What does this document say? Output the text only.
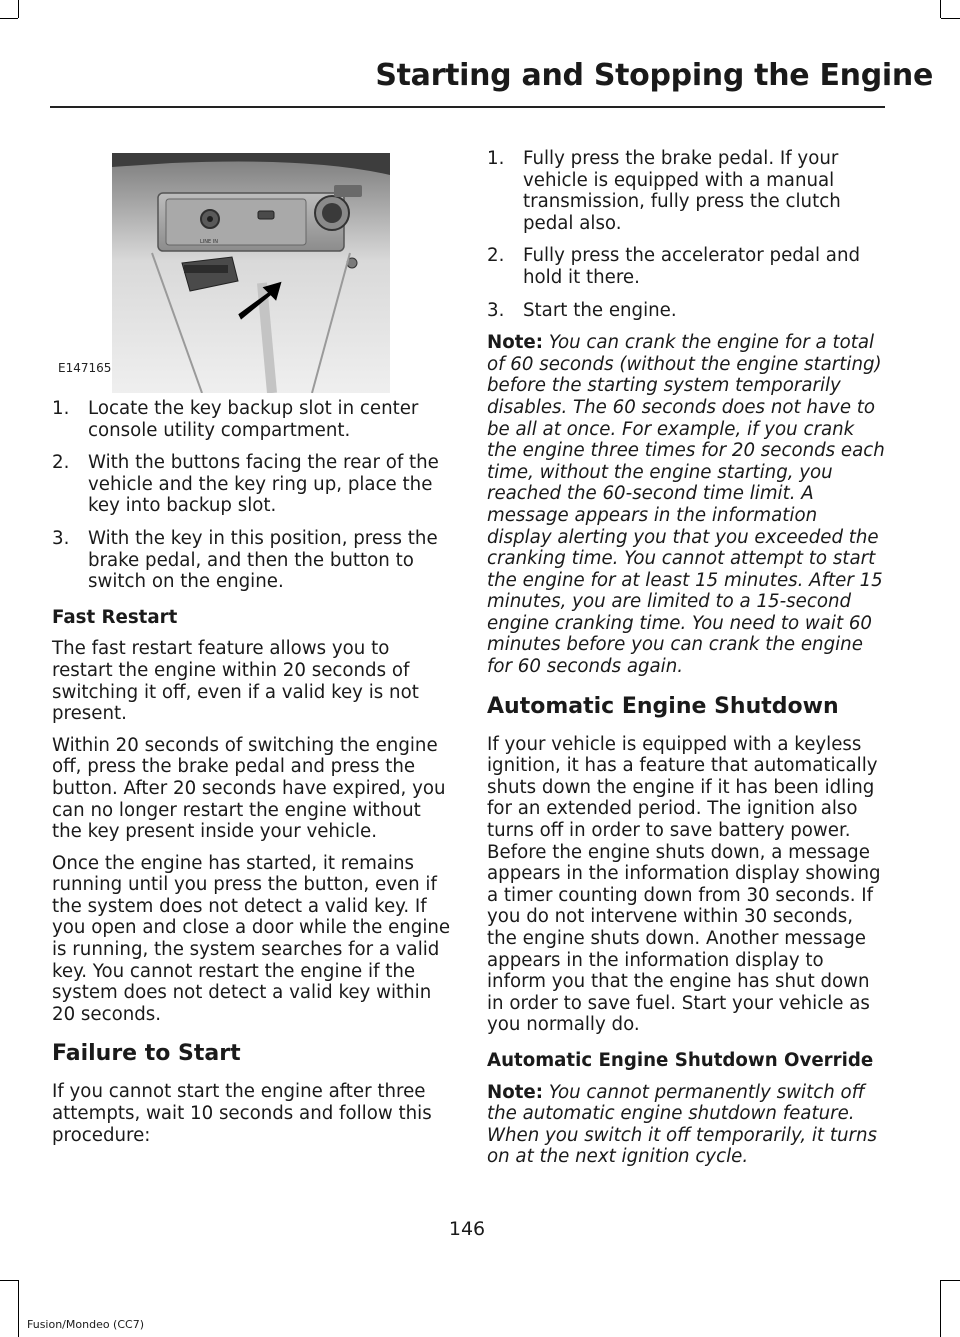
Starting and Stopping the Engine
LINE IN
E147165
1. Locate the key backup slot in center console utility compartment.
2. With the buttons facing the rear of the vehicle and the key ring up, place the key into backup slot.
3. With the key in this position, press the brake pedal, and then the button to switch on the engine.
Fast Restart

The fast restart feature allows you to restart the engine within 20 seconds of switching it off, even if a valid key is not present.

Within 20 seconds of switching the engine off, press the brake pedal and press the button. After 20 seconds have expired, you can no longer restart the engine without the key present inside your vehicle.

Once the engine has started, it remains running until you press the button, even if the system does not detect a valid key. If you open and close a door while the engine is running, the system searches for a valid key. You cannot restart the engine if the system does not detect a valid key within 20 seconds.

Failure to Start

If you cannot start the engine after three attempts, wait 10 seconds and follow this procedure:

1. Fully press the brake pedal. If your vehicle is equipped with a manual transmission, fully press the clutch pedal also.
2. Fully press the accelerator pedal and hold it there.
3. Start the engine.

Note: You can crank the engine for a total of 60 seconds (without the engine starting) before the starting system temporarily disables. The 60 seconds does not have to be all at once. For example, if you crank the engine three times for 20 seconds each time, without the engine starting, you reached the 60-second time limit. A message appears in the information display alerting you that you exceeded the cranking time. You cannot attempt to start the engine for at least 15 minutes. After 15 minutes, you are limited to a 15-second engine cranking time. You need to wait 60 minutes before you can crank the engine for 60 seconds again.

Automatic Engine Shutdown

If your vehicle is equipped with a keyless ignition, it has a feature that automatically shuts down the engine if it has been idling for an extended period. The ignition also turns off in order to save battery power. Before the engine shuts down, a message appears in the information display showing a timer counting down from 30 seconds. If you do not intervene within 30 seconds, the engine shuts down. Another message appears in the information display to inform you that the engine has shut down in order to save fuel. Start your vehicle as you normally do.

Automatic Engine Shutdown Override

Note: You cannot permanently switch off the automatic engine shutdown feature. When you switch it off temporarily, it turns on at the next ignition cycle.

146
Fusion/Mondeo (CC7)
